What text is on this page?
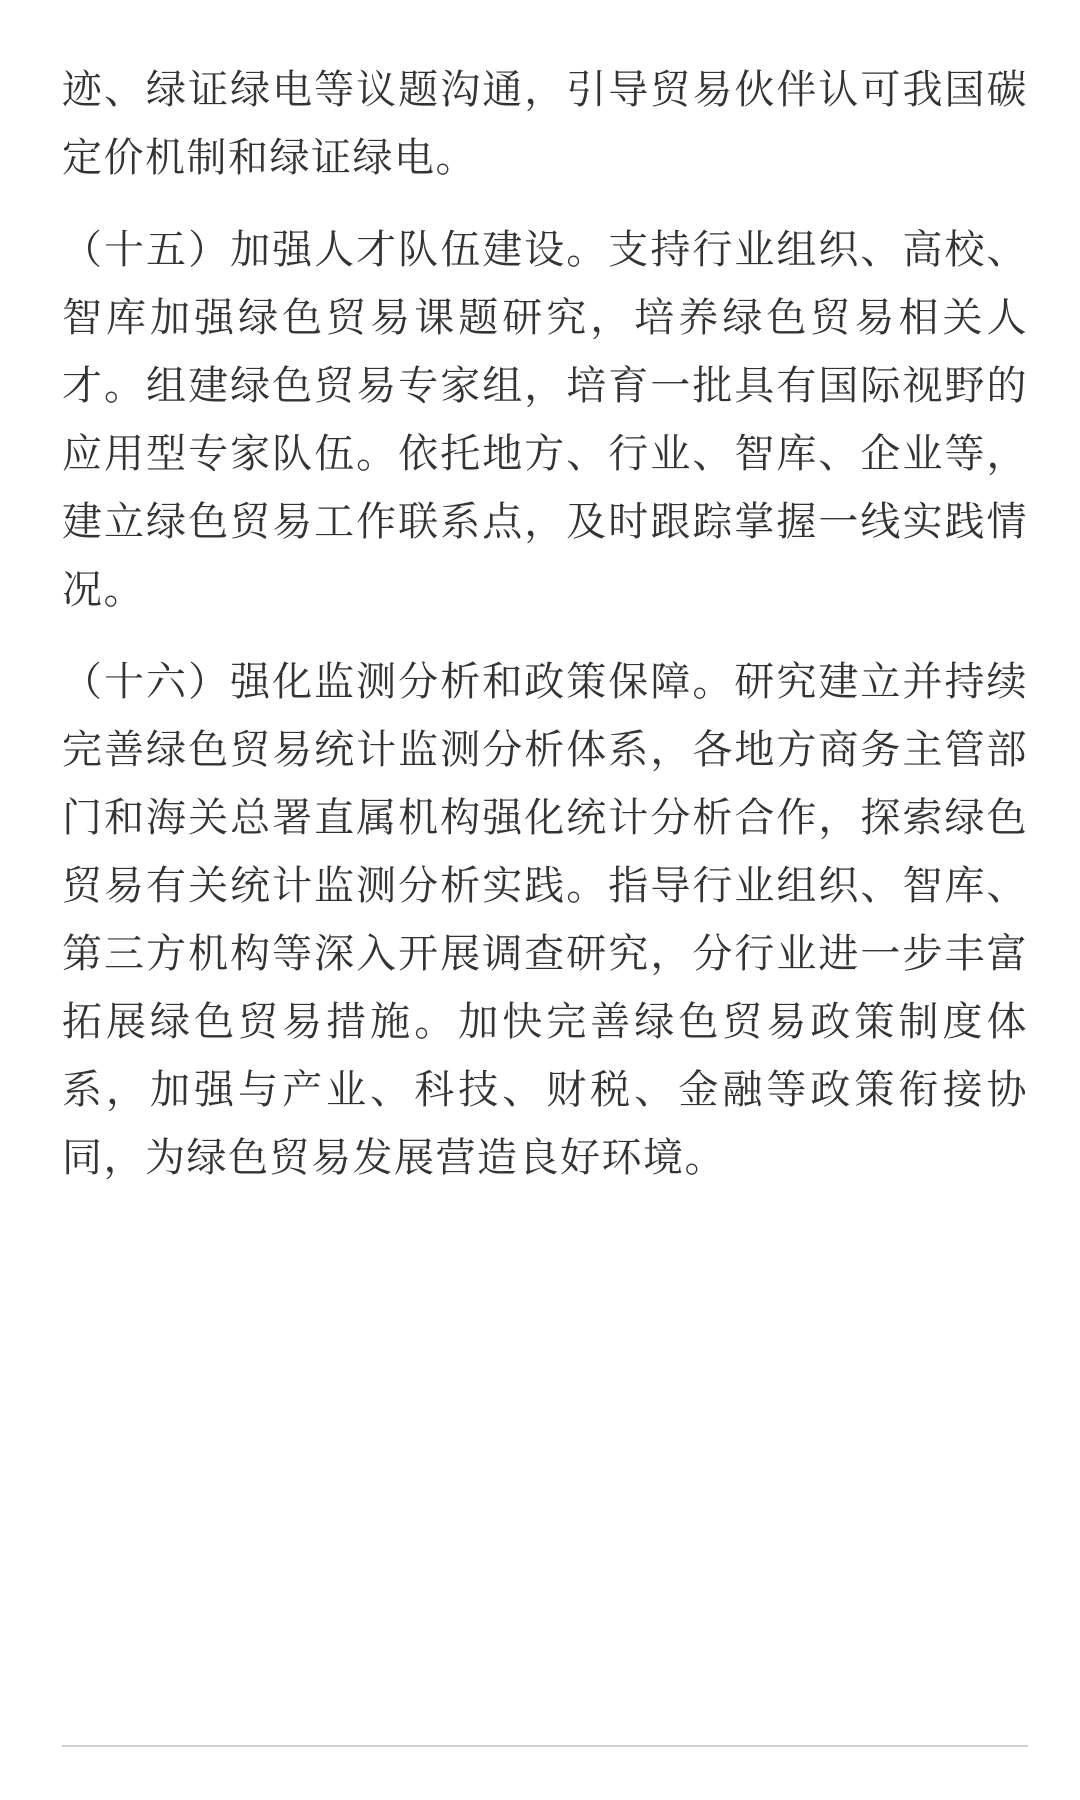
迹、绿证绿电等议题沟通，引导贸易伙伴认可我国碳定价机制和绿证绿电。

（十五）加强人才队伍建设。支持行业组织、高校、智库加强绿色贸易课题研究，培养绿色贸易相关人才。组建绿色贸易专家组，培育一批具有国际视野的应用型专家队伍。依托地方、行业、智库、企业等，建立绿色贸易工作联系点，及时跟踪掌握一线实践情况。

（十六）强化监测分析和政策保障。研究建立并持续完善绿色贸易统计监测分析体系，各地方商务主管部门和海关总署直属机构强化统计分析合作，探索绿色贸易有关统计监测分析实践。指导行业组织、智库、第三方机构等深入开展调查研究，分行业进一步丰富拓展绿色贸易措施。加快完善绿色贸易政策制度体系，加强与产业、科技、财税、金融等政策衔接协同，为绿色贸易发展营造良好环境。
